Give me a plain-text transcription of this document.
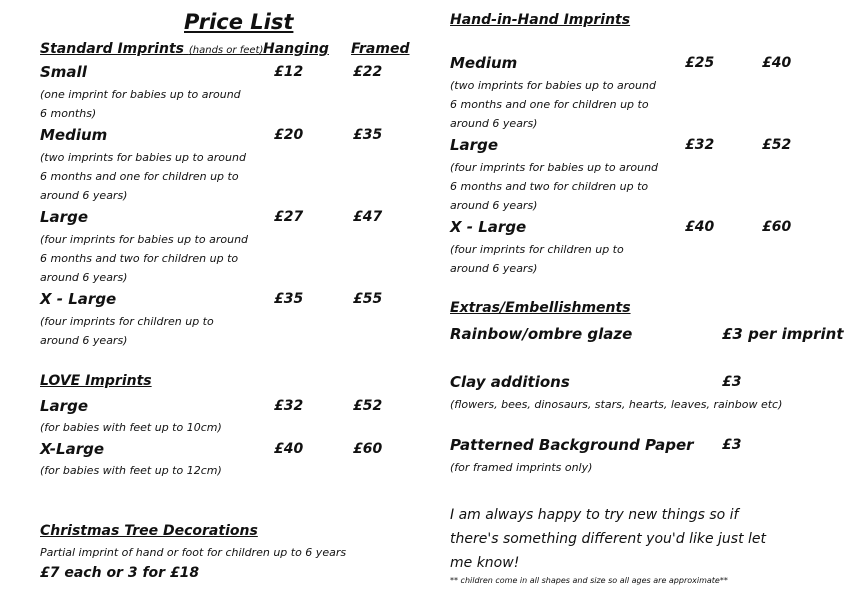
Price List
Standard Imprints (hands or feet) Hanging Framed
Small	£12	£22
(one imprint for babies up to around 6 months)
Medium	£20	£35
(two imprints for babies up to around 6 months and one for children up to around 6 years)
Large	£27	£47
(four imprints for babies up to around 6 months and two for children up to around 6 years)
X - Large	£35	£55
(four imprints for children up to around 6 years)
LOVE Imprints
Large	£32	£52
(for babies with feet up to 10cm)
X-Large	£40	£60
(for babies with feet up to 12cm)
Christmas Tree Decorations
Partial imprint of hand or foot for children up to 6 years
£7 each or 3 for £18
Hand-in-Hand Imprints
Medium	£25	£40
(two imprints for babies up to around 6 months and one for children up to around 6 years)
Large	£32	£52
(four imprints for babies up to around 6 months and two for children up to around 6 years)
X - Large	£40	£60
(four imprints for children up to around 6 years)
Extras/Embellishments
Rainbow/ombre glaze	£3 per imprint
Clay additions	£3
(flowers, bees, dinosaurs, stars, hearts, leaves, rainbow etc)
Patterned Background Paper £3
(for framed imprints only)
I am always happy to try new things so if there's something different you'd like just let me know!
** children come in all shapes and size so all ages are approximate**
